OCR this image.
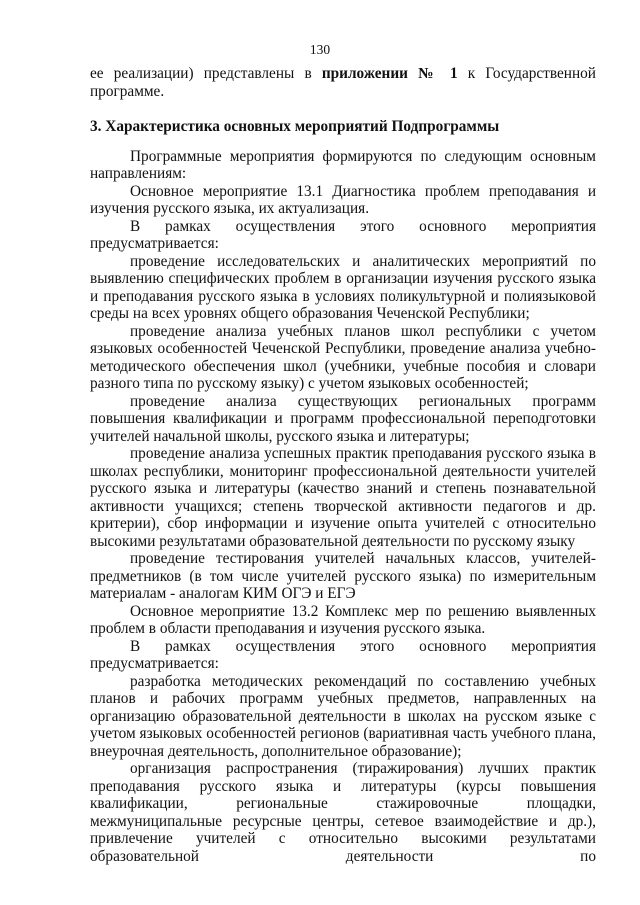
130

ее реализации) представлены в приложении № 1 к Государственной программе.

3. Характеристика основных мероприятий Подпрограммы

Программные мероприятия формируются по следующим основным направлениям:

Основное мероприятие 13.1 Диагностика проблем преподавания и изучения русского языка, их актуализация.

В рамках осуществления этого основного мероприятия предусматривается:

проведение исследовательских и аналитических мероприятий по выявлению специфических проблем в организации изучения русского языка и преподавания русского языка в условиях поликультурной и полиязыковой среды на всех уровнях общего образования Чеченской Республики;

проведение анализа учебных планов школ республики с учетом языковых особенностей Чеченской Республики, проведение анализа учебно-методического обеспечения школ (учебники, учебные пособия и словари разного типа по русскому языку) с учетом языковых особенностей;

проведение анализа существующих региональных программ повышения квалификации и программ профессиональной переподготовки учителей начальной школы, русского языка и литературы;

проведение анализа успешных практик преподавания русского языка в школах республики, мониторинг профессиональной деятельности учителей русского языка и литературы (качество знаний и степень познавательной активности учащихся; степень творческой активности педагогов и др. критерии), сбор информации и изучение опыта учителей с относительно высокими результатами образовательной деятельности по русскому языку

проведение тестирования учителей начальных классов, учителей-предметников (в том числе учителей русского языка) по измерительным материалам - аналогам КИМ ОГЭ и ЕГЭ

Основное мероприятие 13.2 Комплекс мер по решению выявленных проблем в области преподавания и изучения русского языка.

В рамках осуществления этого основного мероприятия предусматривается:

разработка методических рекомендаций по составлению учебных планов и рабочих программ учебных предметов, направленных на организацию образовательной деятельности в школах на русском языке с учетом языковых особенностей регионов (вариативная часть учебного плана, внеурочная деятельность, дополнительное образование);

организация распространения (тиражирования) лучших практик преподавания русского языка и литературы (курсы повышения квалификации, региональные стажировочные площадки, межмуниципальные ресурсные центры, сетевое взаимодействие и др.), привлечение учителей с относительно высокими результатами образовательной деятельности по
